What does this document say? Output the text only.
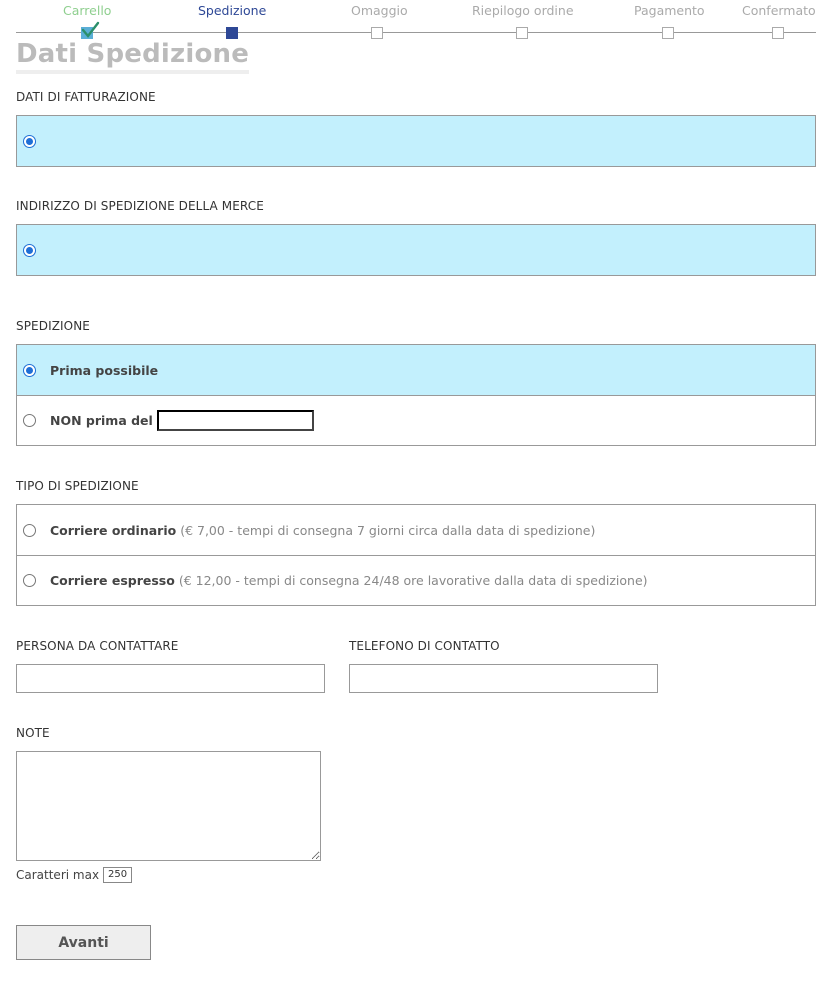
Carrello	Spedizione	Omaggio	Riepilogo ordine	Pagamento	Confermato
Dati Spedizione
DATI DI FATTURAZIONE
INDIRIZZO DI SPEDIZIONE DELLA MERCE
SPEDIZIONE
Prima possibile
NON prima del
TIPO DI SPEDIZIONE
Corriere ordinario (€ 7,00 - tempi di consegna 7 giorni circa dalla data di spedizione)
Corriere espresso (€ 12,00 - tempi di consegna 24/48 ore lavorative dalla data di spedizione)
PERSONA DA CONTATTARE	TELEFONO DI CONTATTO
NOTE
Caratteri max 250
Avanti
